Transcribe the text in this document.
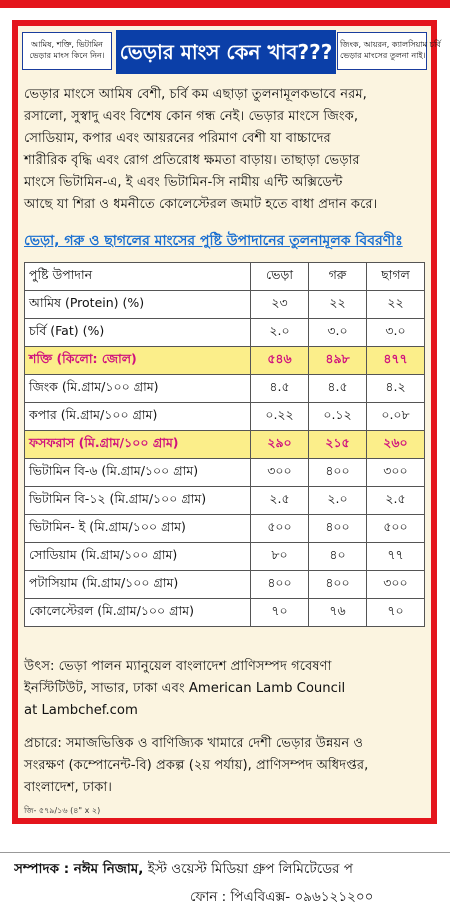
আমিষ, শক্তি, ভিটামিন
ভেড়ার মাংস কিনে নিন। ভেড়ার মাংস কেন খাব??? জিংক, আয়রন, ক্যালসিয়াম চর্বি
ভেড়ার মাংসের তুলনা নাই।
ভেড়ার মাংসে আমিষ বেশী, চর্বি কম এছাড়া তুলনামূলকভাবে নরম,
রসালো, সুস্বাদু এবং বিশেষ কোন গন্ধ নেই। ভেড়ার মাংসে জিংক,
সোডিয়াম, কপার এবং আয়রনের পরিমাণ বেশী যা বাচ্চাদের
শারীরিক বৃদ্ধি এবং রোগ প্রতিরোধ ক্ষমতা বাড়ায়। তাছাড়া ভেড়ার
মাংসে ভিটামিন-এ, ই এবং ভিটামিন-সি নামীয় এন্টি অক্সিডেন্ট
আছে যা শিরা ও ধমনীতে কোলেস্টেরল জমাট হতে বাধা প্রদান করে।
ভেড়া, গরু ও ছাগলের মাংসের পুষ্টি উপাদানের তুলনামূলক বিবরণীঃ
পুষ্টি উপাদান	ভেড়া	গরু	ছাগল
আমিষ (Protein) (%)	২৩	২২	২২
চর্বি (Fat) (%)	২.০	৩.০	৩.০
শক্তি (কিলো: জোল)	৫৪৬	৪৯৮	৪৭৭
জিংক (মি.গ্রাম/১০০ গ্রাম)	৪.৫	৪.৫	৪.২
কপার (মি.গ্রাম/১০০ গ্রাম)	০.২২	০.১২	০.০৮
ফসফরাস (মি.গ্রাম/১০০ গ্রাম)	২৯০	২১৫	২৬০
ভিটামিন বি-৬ (মি.গ্রাম/১০০ গ্রাম)	৩০০	৪০০	৩০০
ভিটামিন বি-১২ (মি.গ্রাম/১০০ গ্রাম)	২.৫	২.০	২.৫
ভিটামিন- ই (মি.গ্রাম/১০০ গ্রাম)	৫০০	৪০০	৫০০
সোডিয়াম (মি.গ্রাম/১০০ গ্রাম)	৮০	৪০	৭৭
পটাসিয়াম (মি.গ্রাম/১০০ গ্রাম)	৪০০	৪০০	৩০০
কোলেস্টেরল (মি.গ্রাম/১০০ গ্রাম)	৭০	৭৬	৭০
উৎস: ভেড়া পালন ম্যানুয়েল বাংলাদেশ প্রাণিসম্পদ গবেষণা
ইনস্টিটিউট, সাভার, ঢাকা এবং American Lamb Council
at Lambchef.com
প্রচারে: সমাজভিত্তিক ও বাণিজ্যিক খামারে দেশী ভেড়ার উন্নয়ন ও
সংরক্ষণ (কম্পোনেন্ট-বি) প্রকল্প (২য় পর্যায়), প্রাণিসম্পদ অধিদপ্তর,
বাংলাদেশ, ঢাকা।
জি- ৫৭৯/১৬ (৪" x ২)
সম্পাদক : নঈম নিজাম, ইস্ট ওয়েস্ট মিডিয়া গ্রুপ লিমিটেডের প
ফোন : পিএবিএক্স- ০৯৬১২১২০০
